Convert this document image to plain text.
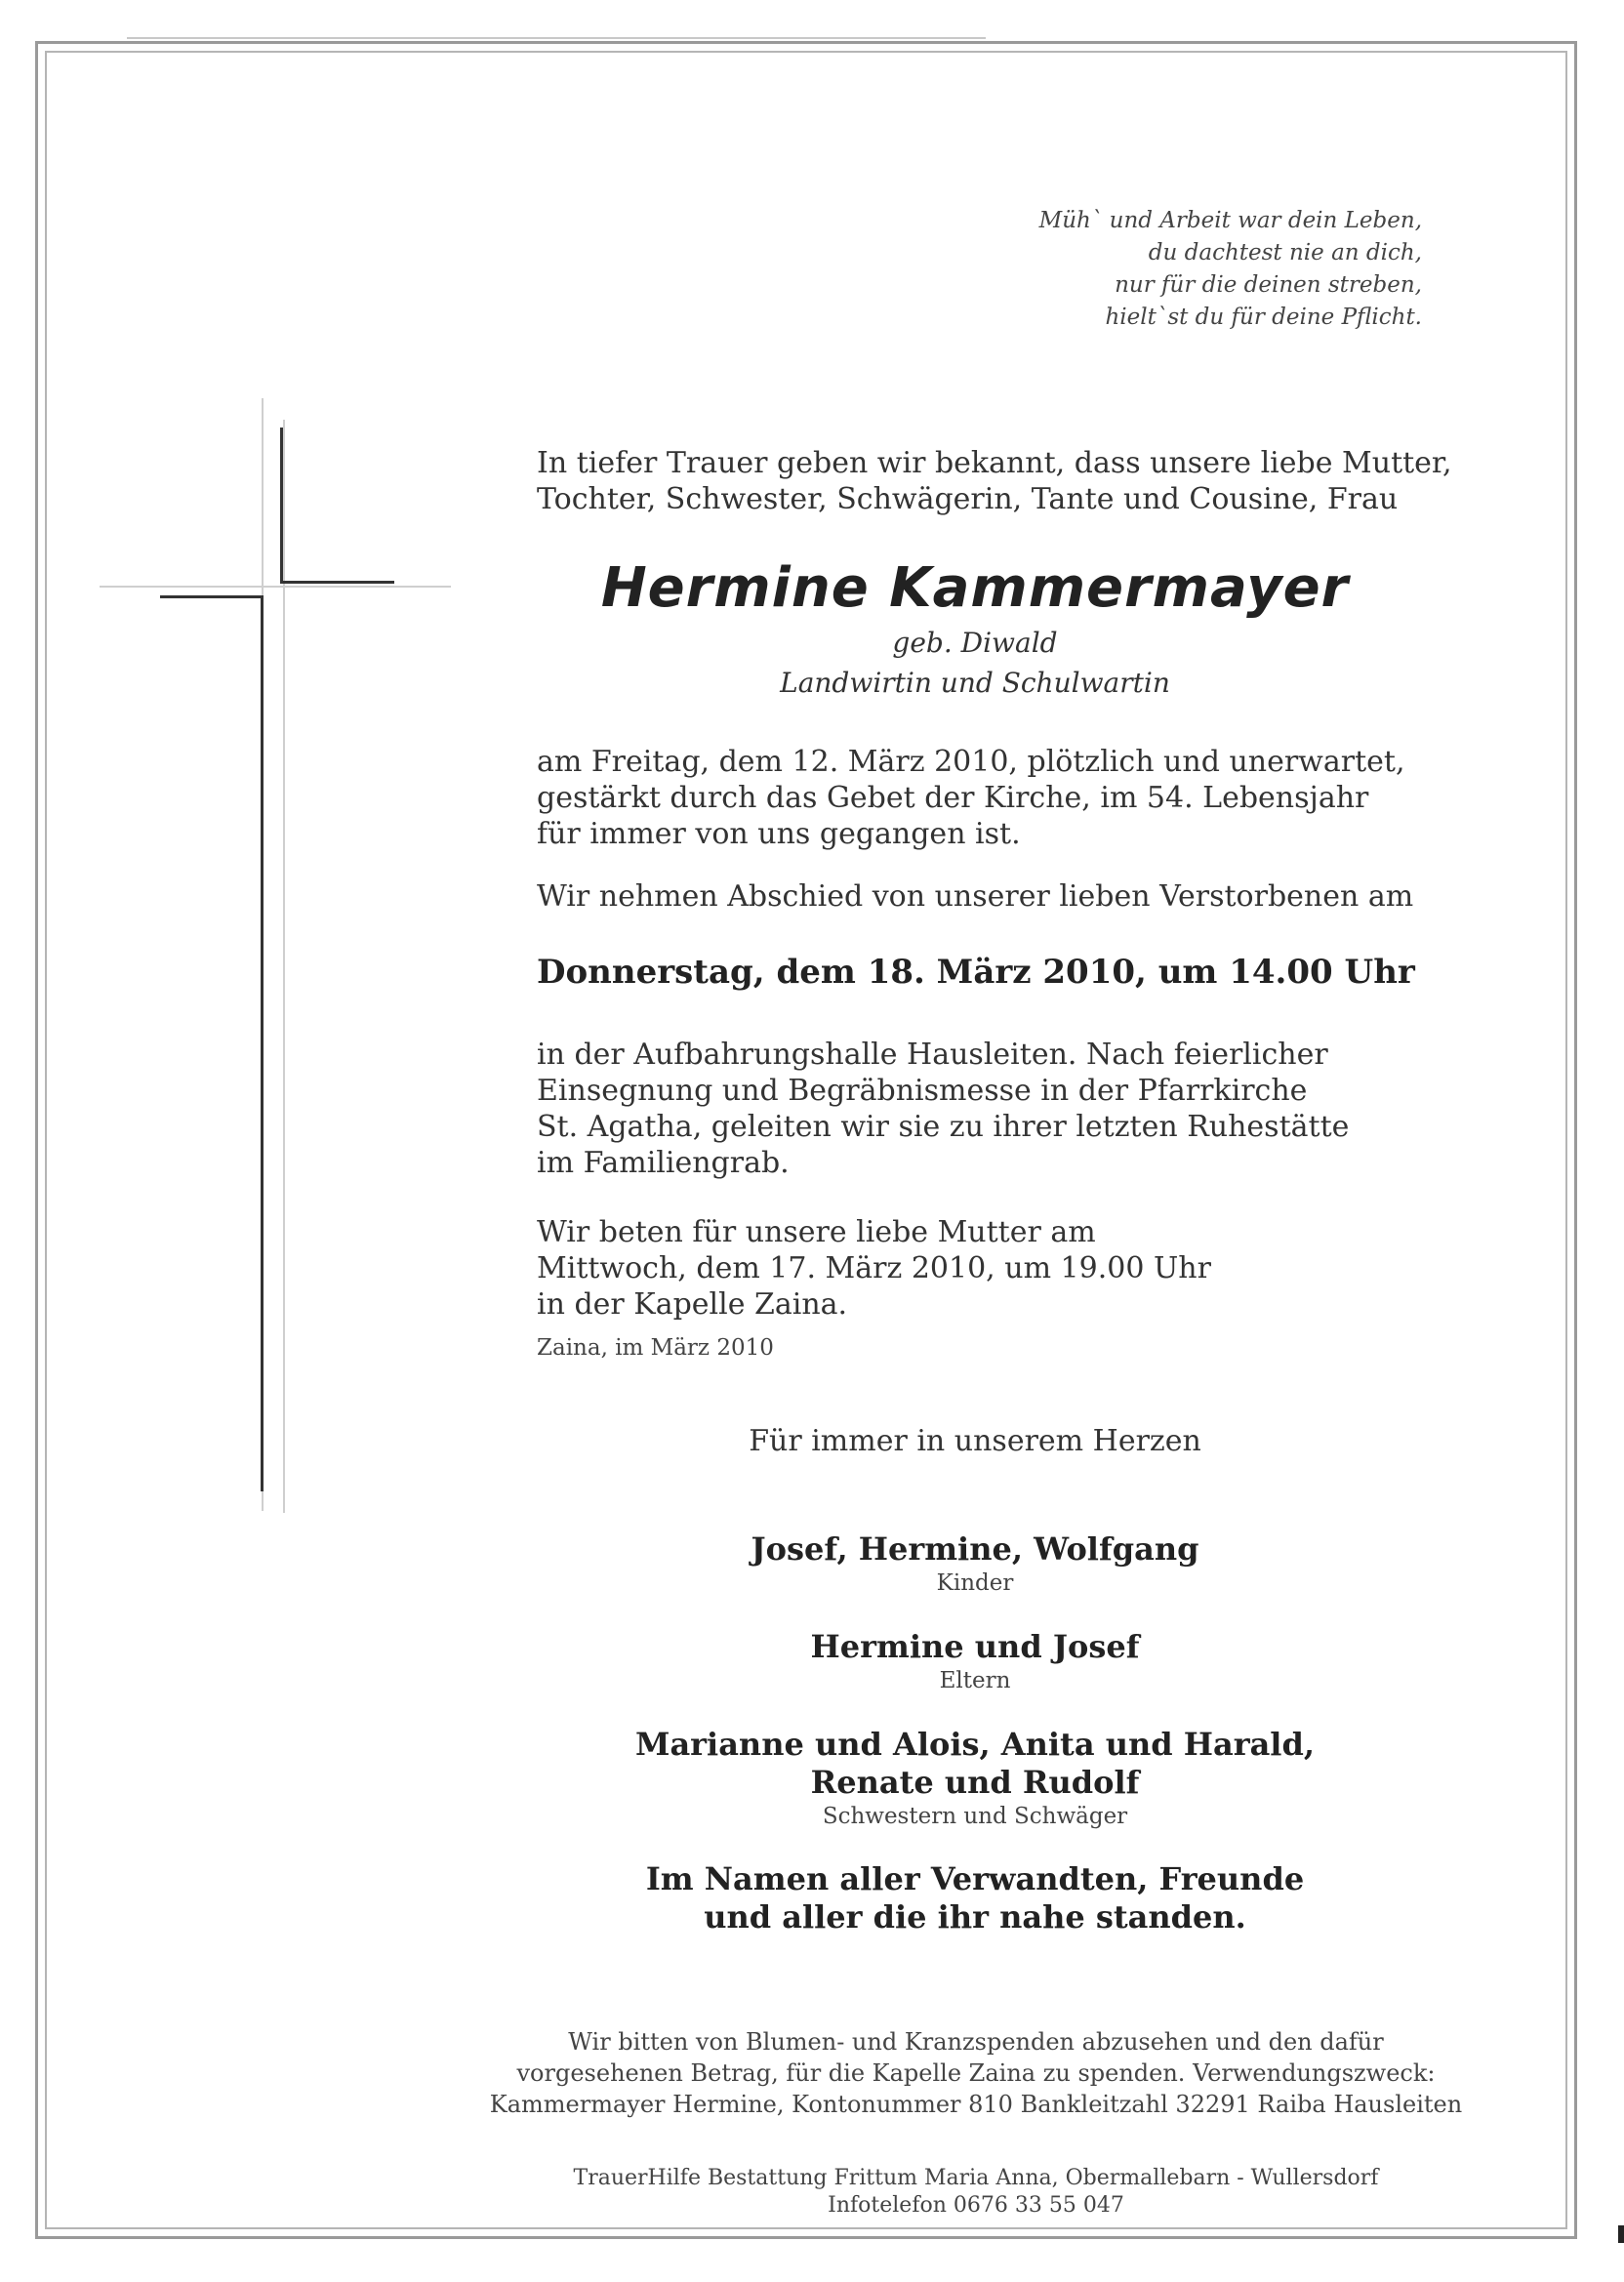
Müh` und Arbeit war dein Leben,
du dachtest nie an dich,
nur für die deinen streben,
hielt`st du für deine Pflicht.
In tiefer Trauer geben wir bekannt, dass unsere liebe Mutter,
Tochter, Schwester, Schwägerin, Tante und Cousine, Frau
Hermine Kammermayer
geb. Diwald
Landwirtin und Schulwartin
am Freitag, dem 12. März 2010, plötzlich und unerwartet,
gestärkt durch das Gebet der Kirche, im 54. Lebensjahr
für immer von uns gegangen ist.
Wir nehmen Abschied von unserer lieben Verstorbenen am
Donnerstag, dem 18. März 2010, um 14.00 Uhr
in der Aufbahrungshalle Hausleiten. Nach feierlicher
Einsegnung und Begräbnismesse in der Pfarrkirche
St. Agatha, geleiten wir sie zu ihrer letzten Ruhestätte
im Familiengrab.
Wir beten für unsere liebe Mutter am
Mittwoch, dem 17. März 2010, um 19.00 Uhr
in der Kapelle Zaina.
Zaina, im März 2010
Für immer in unserem Herzen
Josef, Hermine, Wolfgang
Kinder
Hermine und Josef
Eltern
Marianne und Alois, Anita und Harald,
Renate und Rudolf
Schwestern und Schwäger
Im Namen aller Verwandten, Freunde
und aller die ihr nahe standen.
Wir bitten von Blumen- und Kranzspenden abzusehen und den dafür
vorgesehenen Betrag, für die Kapelle Zaina zu spenden. Verwendungszweck:
Kammermayer Hermine, Kontonummer 810 Bankleitzahl 32291 Raiba Hausleiten
TrauerHilfe Bestattung Frittum Maria Anna, Obermallebarn - Wullersdorf
Infotelefon 0676 33 55 047
